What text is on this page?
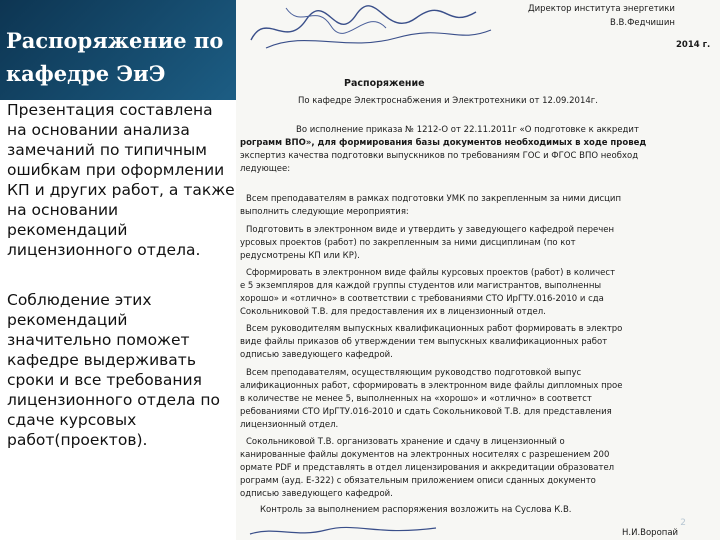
Распоряжение по кафедре ЭиЭ

Презентация составлена на основании анализа замечаний по типичным ошибкам при оформлении КП и других работ, а также на основании рекомендаций лицензионного отдела.

Соблюдение этих рекомендаций значительно поможет кафедре выдерживать сроки и все требования лицензионного отдела по сдаче курсовых работ(проектов).

Директор института энергетики
В.В.Федчишин
2014 г.
Распоряжение
По кафедре Электроснабжения и Электротехники от 12.09.2014г.
Во исполнение приказа № 1212-О от 22.11.2011г «О подготовке к аккредит
рограмм ВПО», для формирования базы документов необходимых в ходе провед
экспертиз качества подготовки выпускников по требованиям ГОС и ФГОС ВПО необход
ледующее:
Всем преподавателям в рамках подготовки УМК по закрепленным за ними дисцип
выполнить следующие мероприятия:
Подготовить в электронном виде и утвердить у заведующего кафедрой перечен
урсовых проектов (работ) по закрепленным за ними дисциплинам (по кот
редусмотрены КП или КР).
Сформировать в электронном виде файлы курсовых проектов (работ) в количест
е 5 экземпляров для каждой группы студентов или магистрантов, выполненны
хорошо» и «отлично» в соответствии с требованиями СТО ИрГТУ.016-2010 и сда
Сокольниковой Т.В. для предоставления их в лицензионный отдел.
Всем руководителям выпускных квалификационных работ формировать в электро
виде файлы приказов об утверждении тем выпускных квалификационных работ
одписью заведующего кафедрой.
Всем преподавателям, осуществляющим руководство подготовкой выпус
алификационных работ, сформировать в электронном виде файлы дипломных прое
в количестве не менее 5, выполненных на «хорошо» и «отлично» в соответст
ребованиями СТО ИрГТУ.016-2010 и сдать Сокольниковой Т.В. для представления
лицензионный отдел.
Сокольниковой Т.В. организовать хранение и сдачу в лицензионный о
канированные файлы документов на электронных носителях с разрешением 200
ормате PDF и представлять в отдел лицензирования и аккредитации образовател
рограмм (ауд. Е-322) с обязательным приложением описи сданных документо
одписью заведующего кафедрой.
Контроль за выполнением распоряжения возложить на Суслова К.В.
Н.И.Воропай
2
